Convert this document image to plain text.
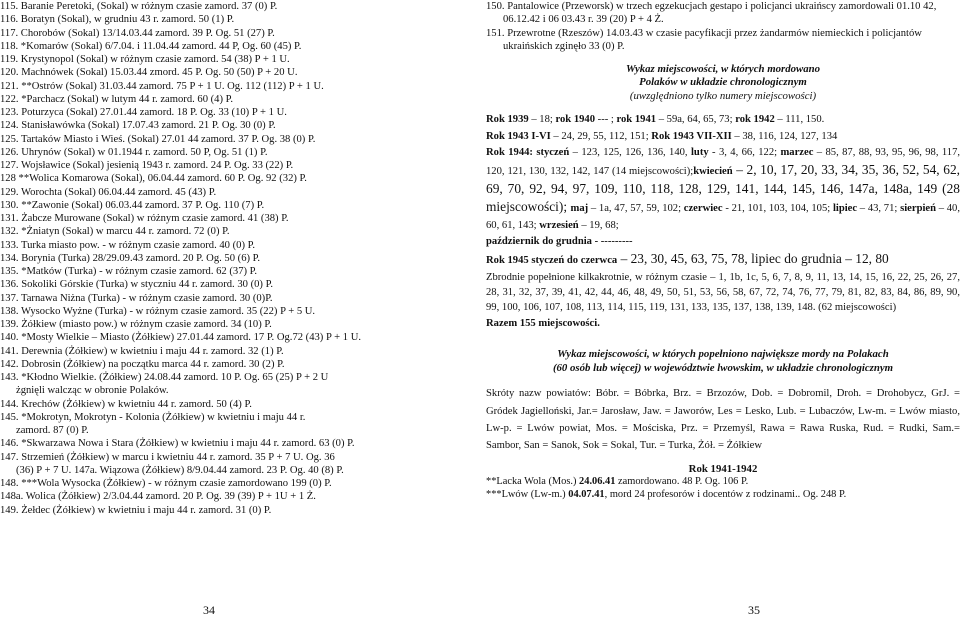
115. Baranie Peretoki, (Sokal) w różnym czasie zamord. 37 (0) P.
116. Boratyn (Sokal), w grudniu 43 r. zamord. 50 (1) P.
117. Chorobów (Sokal) 13/14.03.44 zamord. 39 P. Og. 51 (27) P.
118. *Komarów (Sokal) 6/7.04. i 11.04.44 zamord. 44 P, Og. 60 (45) P.
119. Krystynopol (Sokal) w różnym czasie zamord. 54 (38) P + 1 U.
120. Machnówek (Sokal) 15.03.44 zmord. 45 P. Og. 50 (50) P + 20 U.
121. **Ostrów (Sokal) 31.03.44 zamord. 75 P + 1 U. Og. 112 (112) P + 1 U.
122. *Parchacz (Sokal) w lutym 44 r. zamord. 60 (4) P.
123. Poturzyca (Sokal) 27.01.44 zamord. 18 P. Og. 33 (10) P + 1 U.
124. Stanisławówka (Sokal) 17.07.43 zamord. 21 P. Og. 30 (0) P.
125. Tartaków Miasto i Wieś. (Sokal) 27.01 44 zamord. 37 P. Og. 38 (0) P.
126. Uhrynów (Sokal) w 01.1944 r. zamord. 50 P, Og. 51 (1) P.
127. Wojsławice (Sokal) jesienią 1943 r. zamord. 24 P. Og. 33 (22) P.
128 **Wolica Komarowa (Sokal), 06.04.44 zamord. 60 P. Og. 92 (32) P.
129. Worochta (Sokal) 06.04.44 zamord. 45 (43) P.
130. **Zawonie (Sokal) 06.03.44 zamord. 37 P. Og. 110 (7) P.
131. Żabcze Murowane (Sokal) w różnym czasie zamord. 41 (38) P.
132. *Żniatyn (Sokal) w marcu 44 r. zamord. 72 (0) P.
133. Turka miasto pow. - w różnym czasie zamord. 40 (0) P.
134. Borynia (Turka) 28/29.09.43 zamord. 20 P. Og. 50 (6) P.
135. *Matków (Turka) - w różnym czasie zamord. 62 (37) P.
136. Sokoliki Górskie (Turka) w styczniu 44 r. zamord. 30 (0) P.
137. Tarnawa Niżna (Turka) - w różnym czasie zamord. 30 (0)P.
138. Wysocko Wyżne (Turka) - w różnym czasie zamord. 35 (22) P + 5 U.
139. Żółkiew (miasto pow.) w różnym czasie zamord. 34 (10) P.
140. *Mosty Wielkie – Miasto (Żółkiew) 27.01.44 zamord. 17 P. Og.72 (43) P + 1 U.
141. Derewnia (Żółkiew) w kwietniu i maju 44 r. zamord. 32 (1) P.
142. Dobrosin (Żółkiew) na początku marca 44 r. zamord. 30 (2) P.
143. *Kłodno Wielkie. (Żółkiew) 24.08.44 zamord. 10 P. Og. 65 (25) P + 2 U
żgnięli walcząc w obronie Polaków.
144. Krechów (Żółkiew) w kwietniu 44 r. zamord. 50 (4) P.
145. *Mokrotyn, Mokrotyn - Kolonia (Żółkiew) w kwietniu i maju 44 r.
zamord. 87 (0) P.
146. *Skwarzawa Nowa i Stara (Żółkiew) w kwietniu i maju 44 r. zamord. 63 (0) P.
147. Strzemień (Żółkiew) w marcu i kwietniu 44 r. zamord. 35 P + 7 U. Og. 36
(36) P + 7 U. 147a. Wiązowa (Żółkiew) 8/9.04.44 zamord. 23 P. Og. 40 (8) P.
148. ***Wola Wysocka (Żółkiew) - w różnym czasie zamordowano 199 (0) P.
148a. Wolica (Żółkiew) 2/3.04.44 zamord. 20 P. Og. 39 (39) P + 1U + 1 Ż.
149. Żełdec (Żółkiew) w kwietniu i maju 44 r. zamord. 31 (0) P.
34
150. Pantalowice (Przeworsk) w trzech egzekucjach gestapo i policjanci ukraińscy zamordowali 01.10 42, 06.12.42 i 06 03.43 r. 39 (20) P + 4 Ż.
151. Przewrotne (Rzeszów) 14.03.43 w czasie pacyfikacji przez żandarmów niemieckich i policjantów ukraińskich zginęło 33 (0) P.
Wykaz miejscowości, w których mordowano
Polaków w układzie chronologicznym
(uwzględniono tylko numery miejscowości)
Rok 1939 – 18; rok 1940 --- ; rok 1941 – 59a, 64, 65, 73; rok 1942 – 111, 150.
Rok 1943 I-VI – 24, 29, 55, 112, 151; Rok 1943 VII-XII – 38, 116, 124, 127, 134
Rok 1944: styczeń – 123, 125, 126, 136, 140, luty - 3, 4, 66, 122; marzec – 85, 87, 88, 93, 95, 96, 98, 117, 120, 121, 130, 132, 142, 147 (14 miejscowości);kwiecień – 2, 10, 17, 20, 33, 34, 35, 36, 52, 54, 62, 69, 70, 92, 94, 97, 109, 110, 118, 128, 129, 141, 144, 145, 146, 147a, 148a, 149 (28 miejscowości); maj – 1a, 47, 57, 59, 102; czerwiec - 21, 101, 103, 104, 105; lipiec – 43, 71; sierpień – 40, 60, 61, 143; wrzesień – 19, 68;
październik do grudnia - ---------
Rok 1945 styczeń do czerwca – 23, 30, 45, 63, 75, 78, lipiec do grudnia – 12, 80
Zbrodnie popełnione kilkakrotnie, w różnym czasie – 1, 1b, 1c, 5, 6, 7, 8, 9, 11, 13, 14, 15, 16, 22, 25, 26, 27, 28, 31, 32, 37, 39, 41, 42, 44, 46, 48, 49, 50, 51, 53, 56, 58, 67, 72, 74, 76, 77, 79, 81, 82, 83, 84, 86, 89, 90, 99, 100, 106, 107, 108, 113, 114, 115, 119, 131, 133, 135, 137, 138, 139, 148. (62 miejscowości)
Razem 155 miejscowości.
Wykaz miejscowości, w których popełniono największe mordy na Polakach
(60 osób lub więcej) w województwie lwowskim, w układzie chronologicznym
Skróty nazw powiatów: Bóbr. = Bóbrka, Brz. = Brzozów, Dob. = Dobromil, Droh. = Drohobycz, GrJ. = Gródek Jagielloński, Jar.= Jarosław, Jaw. = Jaworów, Les = Lesko, Lub. = Lubaczów, Lw-m. = Lwów miasto, Lw-p. = Lwów powiat, Mos. = Mościska, Prz. = Przemyśl, Rawa = Rawa Ruska, Rud. = Rudki, Sam.= Sambor, San = Sanok, Sok = Sokal, Tur. = Turka, Żół. = Żółkiew
Rok 1941-1942
**Lacka Wola (Mos.) 24.06.41 zamordowano. 48 P. Og. 106 P.
***Lwów (Lw-m.) 04.07.41, mord 24 profesorów i docentów z rodzinami.. Og. 248 P.
35
